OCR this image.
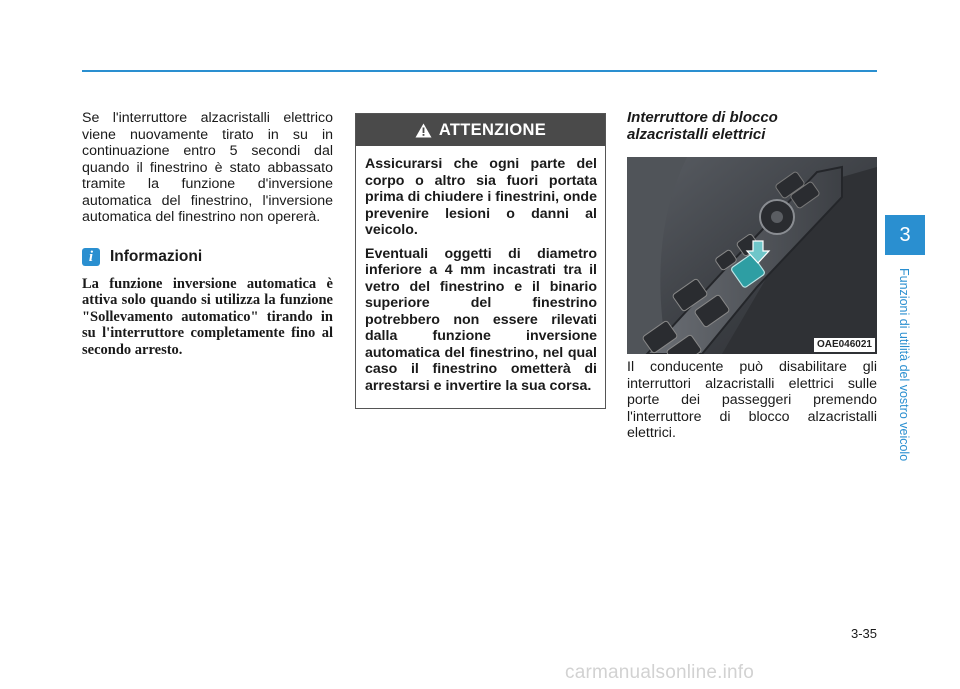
Se l'interruttore alzacristalli elettrico viene nuovamente tirato in su in continuazione entro 5 secondi dal quando il finestrino è stato abbassato tramite la funzione d'inversione automatica del finestrino, l'inversione automatica del finestrino non opererà.

i	Informazioni

La funzione inversione automatica è attiva solo quando si utilizza la funzione "Sollevamento automatico" tirando in su l'interruttore completamente fino al secondo arresto.

ATTENZIONE

Assicurarsi che ogni parte del corpo o altro sia fuori portata prima di chiudere i finestrini, onde prevenire lesioni o danni al veicolo.

Eventuali oggetti di diametro inferiore a 4 mm incastrati tra il vetro del finestrino e il binario superiore del finestrino potrebbero non essere rilevati dalla funzione inversione automatica del finestrino, nel qual caso il finestrino ometterà di arrestarsi e invertire la sua corsa.

Interruttore di blocco

alzacristalli elettrici

OAE046021

Il conducente può disabilitare gli interruttori alzacristalli elettrici sulle porte dei passeggeri premendo l'interruttore di blocco alzacristalli elettrici.

3
Funzioni di utilità del vostro veicolo
3-35
carmanualsonline.info
